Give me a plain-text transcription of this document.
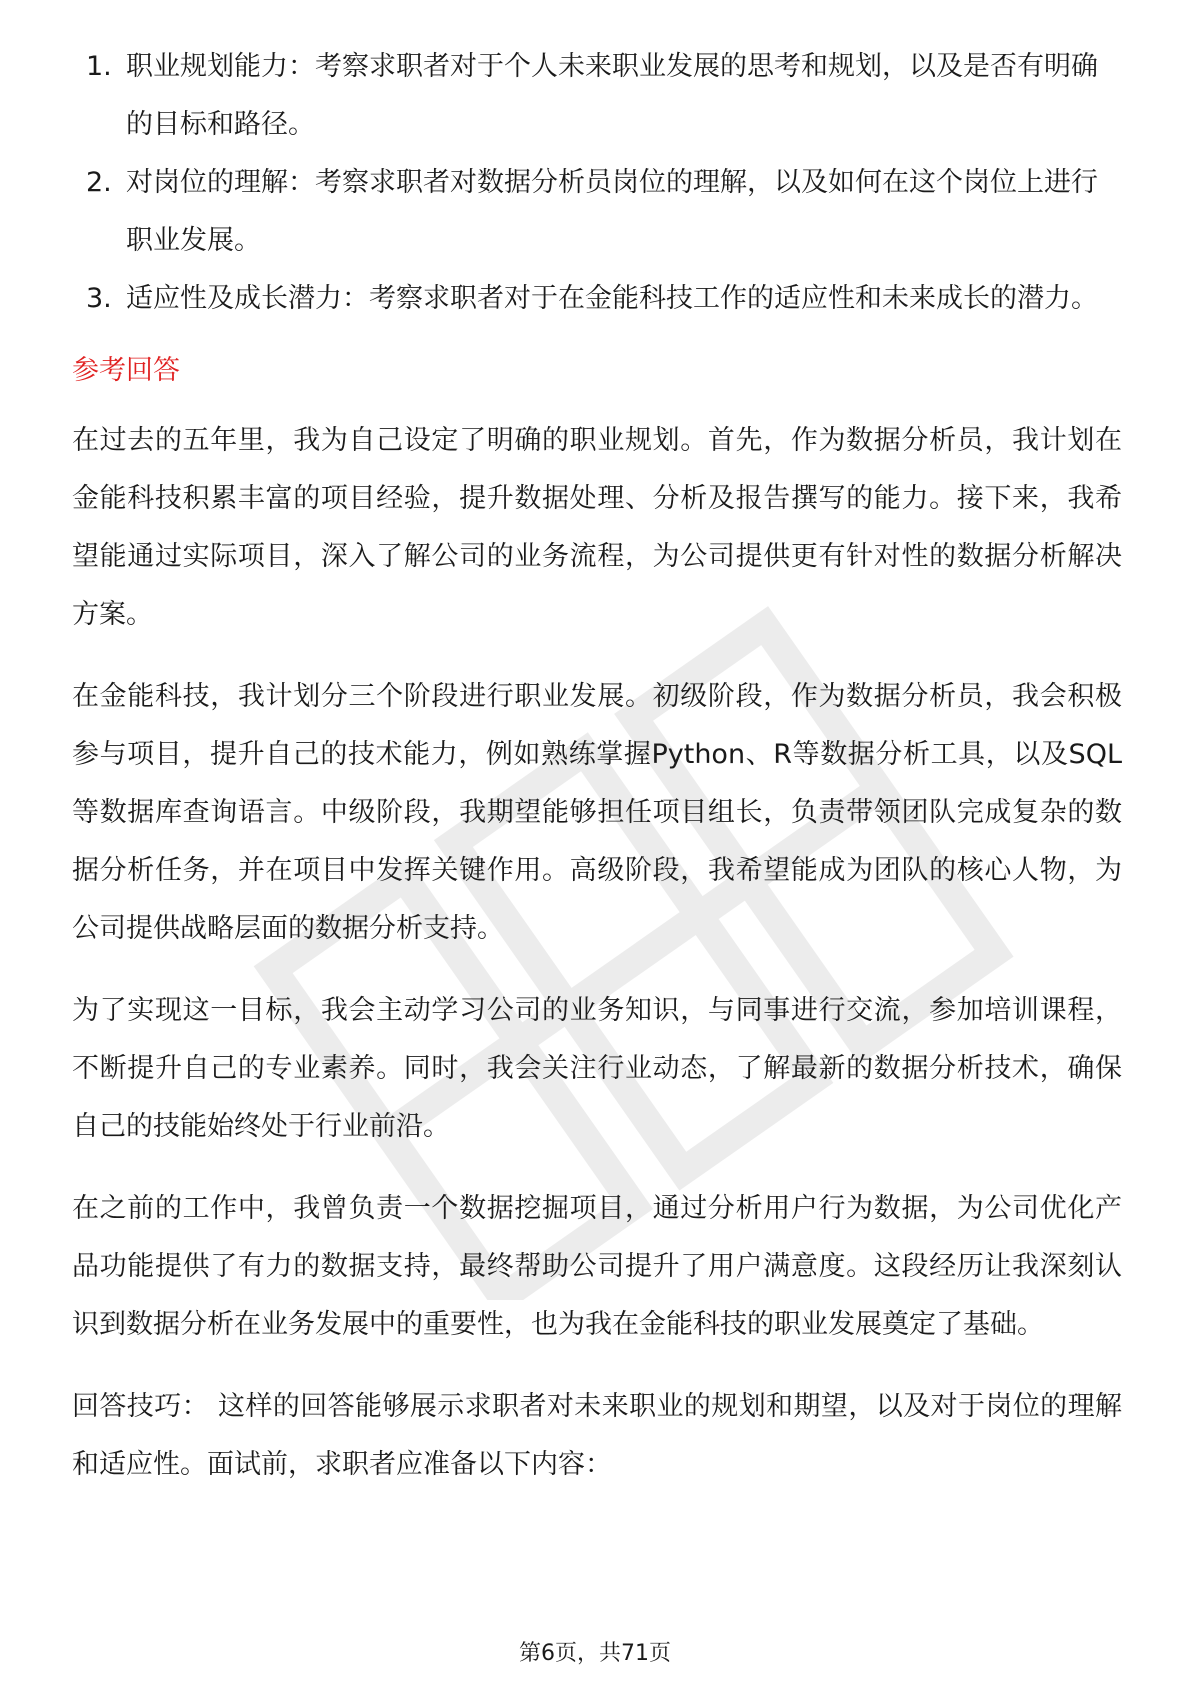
1. 职业规划能力：考察求职者对于个人未来职业发展的思考和规划，以及是否有明确的目标和路径。
2. 对岗位的理解：考察求职者对数据分析员岗位的理解，以及如何在这个岗位上进行职业发展。
3. 适应性及成长潜力：考察求职者对于在金能科技工作的适应性和未来成长的潜力。
参考回答

在过去的五年里，我为自己设定了明确的职业规划。首先，作为数据分析员，我计划在金能科技积累丰富的项目经验，提升数据处理、分析及报告撰写的能力。接下来，我希望能通过实际项目，深入了解公司的业务流程，为公司提供更有针对性的数据分析解决方案。

在金能科技，我计划分三个阶段进行职业发展。初级阶段，作为数据分析员，我会积极参与项目，提升自己的技术能力，例如熟练掌握Python、R等数据分析工具，以及SQL等数据库查询语言。中级阶段，我期望能够担任项目组长，负责带领团队完成复杂的数据分析任务，并在项目中发挥关键作用。高级阶段，我希望能成为团队的核心人物，为公司提供战略层面的数据分析支持。

为了实现这一目标，我会主动学习公司的业务知识，与同事进行交流，参加培训课程，不断提升自己的专业素养。同时，我会关注行业动态，了解最新的数据分析技术，确保自己的技能始终处于行业前沿。

在之前的工作中，我曾负责一个数据挖掘项目，通过分析用户行为数据，为公司优化产品功能提供了有力的数据支持，最终帮助公司提升了用户满意度。这段经历让我深刻认识到数据分析在业务发展中的重要性，也为我在金能科技的职业发展奠定了基础。

回答技巧： 这样的回答能够展示求职者对未来职业的规划和期望，以及对于岗位的理解和适应性。面试前，求职者应准备以下内容：

第6页，共71页
